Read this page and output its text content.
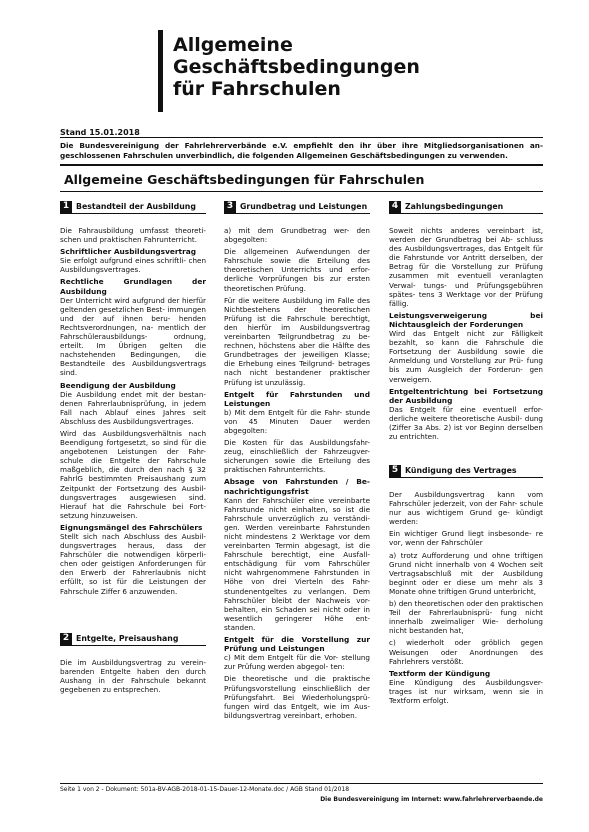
Allgemeine
Geschäftsbedingungen
für Fahrschulen
Stand 15.01.2018
Die Bundesvereinigung der Fahrlehrerverbände e.V. empfiehlt den ihr über ihre Mitgliedsorganisationen an- geschlossenen Fahrschulen unverbindlich, die folgenden Allgemeinen Geschäftsbedingungen zu verwenden.
Allgemeine Geschäftsbedingungen für Fahrschulen
1 Bestandteil der Ausbildung

Die Fahrausbildung umfasst theoreti- schen und praktischen Fahrunterricht.

Schriftlicher Ausbildungsvertrag

Sie erfolgt aufgrund eines schriftli- chen Ausbildungsvertrages.

Rechtliche Grundlagen der Ausbildung

Der Unterricht wird aufgrund der hierfür geltenden gesetzlichen Best- immungen und der auf ihnen beru- henden Rechtsverordnungen, na- mentlich der Fahrschülerausbildungs- ordnung, erteilt. Im Übrigen gelten die nachstehenden Bedingungen, die Bestandteile des Ausbildungsvertrags sind.

Beendigung der Ausbildung

Die Ausbildung endet mit der bestan- denen Fahrerlaubnisprüfung, in jedem Fall nach Ablauf eines Jahres seit Abschluss des Ausbildungsvertrages.

Wird das Ausbildungsverhältnis nach Beendigung fortgesetzt, so sind für die angebotenen Leistungen der Fahr- schule die Entgelte der Fahrschule maßgeblich, die durch den nach § 32 FahrlG bestimmten Preisaushang zum Zeitpunkt der Fortsetzung des Ausbil- dungsvertrages ausgewiesen sind. Hierauf hat die Fahrschule bei Fort- setzung hinzuweisen.

Eignungsmängel des Fahrschülers

Stellt sich nach Abschluss des Ausbil- dungsvertrages heraus, dass der Fahrschüler die notwendigen körperli- chen oder geistigen Anforderungen für den Erwerb der Fahrerlaubnis nicht erfüllt, so ist für die Leistungen der Fahrschule Ziffer 6 anzuwenden.

2 Entgelte, Preisaushang

Die im Ausbildungsvertrag zu verein- barenden Entgelte haben den durch Aushang in der Fahrschule bekannt gegebenen zu entsprechen.

3 Grundbetrag und Leistungen

a) mit dem Grundbetrag wer- den abgegolten:

Die allgemeinen Aufwendungen der Fahrschule sowie die Erteilung des theoretischen Unterrichts und erfor- derliche Vorprüfungen bis zur ersten theoretischen Prüfung.

Für die weitere Ausbildung im Falle des Nichtbestehens der theoretischen Prüfung ist die Fahrschule berechtigt, den hierfür im Ausbildungsvertrag vereinbarten Teilgrundbetrag zu be- rechnen, höchstens aber die Hälfte des Grundbetrages der jeweiligen Klasse; die Erhebung eines Teilgrund- betrages nach nicht bestandener praktischer Prüfung ist unzulässig.

Entgelt für Fahrstunden und Leistungen

b) Mit dem Entgelt für die Fahr- stunde von 45 Minuten Dauer werden abgegolten:

Die Kosten für das Ausbildungsfahr- zeug, einschließlich der Fahrzeugver- sicherungen sowie die Erteilung des praktischen Fahrunterrichts.

Absage von Fahrstunden / Be- nachrichtigungsfrist

Kann der Fahrschüler eine vereinbarte Fahrstunde nicht einhalten, so ist die Fahrschule unverzüglich zu verständi- gen. Werden vereinbarte Fahrstunden nicht mindestens 2 Werktage vor dem vereinbarten Termin abgesagt, ist die Fahrschule berechtigt, eine Ausfall- entschädigung für vom Fahrschüler nicht wahrgenommene Fahrstunden in Höhe von drei Vierteln des Fahr- stundenentgeltes zu verlangen. Dem Fahrschüler bleibt der Nachweis vor- behalten, ein Schaden sei nicht oder in wesentlich geringerer Höhe ent- standen.

Entgelt für die Vorstellung zur Prüfung und Leistungen

c) Mit dem Entgelt für die Vor- stellung zur Prüfung werden abgegol- ten:

Die theoretische und die praktische Prüfungsvorstellung einschließlich der Prüfungsfahrt. Bei Wiederholungsprü- fungen wird das Entgelt, wie im Aus- bildungsvertrag vereinbart, erhoben.

4 Zahlungsbedingungen

Soweit nichts anderes vereinbart ist, werden der Grundbetrag bei Ab- schluss des Ausbildungsvertrages, das Entgelt für die Fahrstunde vor Antritt derselben, der Betrag für die Vorstellung zur Prüfung zusammen mit eventuell veranlagten Verwal- tungs- und Prüfungsgebühren spätes- tens 3 Werktage vor der Prüfung fällig.

Leistungsverweigerung bei Nichtausgleich der Forderungen

Wird das Entgelt nicht zur Fälligkeit bezahlt, so kann die Fahrschule die Fortsetzung der Ausbildung sowie die Anmeldung und Vorstellung zur Prü- fung bis zum Ausgleich der Forderun- gen verweigern.

Entgeltentrichtung bei Fortsetzung der Ausbildung

Das Entgelt für eine eventuell erfor- derliche weitere theoretische Ausbil- dung (Ziffer 3a Abs. 2) ist vor Beginn derselben zu entrichten.

5 Kündigung des Vertrages

Der Ausbildungsvertrag kann vom Fahrschüler jederzeit, von der Fahr- schule nur aus wichtigem Grund ge- kündigt werden:

Ein wichtiger Grund liegt insbesonde- re vor, wenn der Fahrschüler

a) trotz Aufforderung und ohne triftigen Grund nicht innerhalb von 4 Wochen seit Vertragsabschluß mit der Ausbildung beginnt oder er diese um mehr als 3 Monate ohne triftigen Grund unterbricht,

b) den theoretischen oder den praktischen Teil der Fahrerlaubnisprü- fung nicht innerhalb zweimaliger Wie- derholung nicht bestanden hat,

c) wiederholt oder gröblich gegen Weisungen oder Anordnungen des Fahrlehrers verstößt.

Textform der Kündigung

Eine Kündigung des Ausbildungsver- trages ist nur wirksam, wenn sie in Textform erfolgt.

Seite 1 von 2 - Dokument: 501a-BV-AGB-2018-01-15-Dauer-12-Monate.doc / AGB Stand 01/2018
Die Bundesvereinigung im Internet: www.fahrlehrerverbaende.de
